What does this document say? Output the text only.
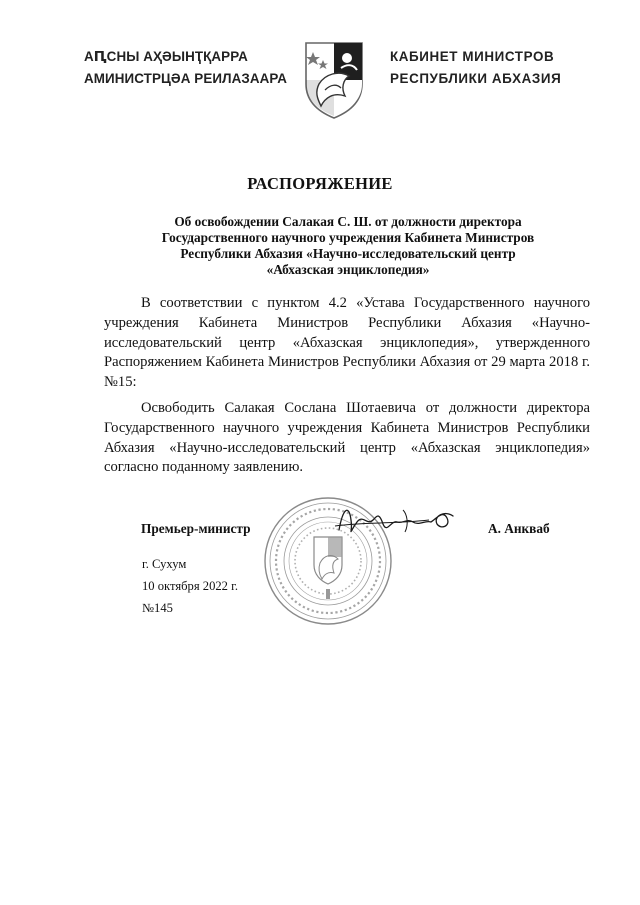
АԤСНЫ АҲӘЫНҬҚАРРА
АМИНИСТРЦӘА РЕИЛАЗААРА
КАБИНЕТ МИНИСТРОВ
РЕСПУБЛИКИ АБХАЗИЯ
РАСПОРЯЖЕНИЕ
Об освобождении Салакая С. Ш. от должности директора
Государственного научного учреждения Кабинета Министров
Республики Абхазия «Научно-исследовательский центр
«Абхазская энциклопедия»
В соответствии с пунктом 4.2 «Устава Государственного научного учреждения Кабинета Министров Республики Абхазия «Научно-исследовательский центр «Абхазская энциклопедия», утвержденного Распоряжением Кабинета Министров Республики Абхазия от 29 марта 2018 г. №15:
Освободить Салакая Сослана Шотаевича от должности директора Государственного научного учреждения Кабинета Министров Республики Абхазия «Научно-исследовательский центр «Абхазская энциклопедия» согласно поданному заявлению.
Премьер-министр	А. Анкваб
г. Сухум
10 октября 2022 г.
№145
